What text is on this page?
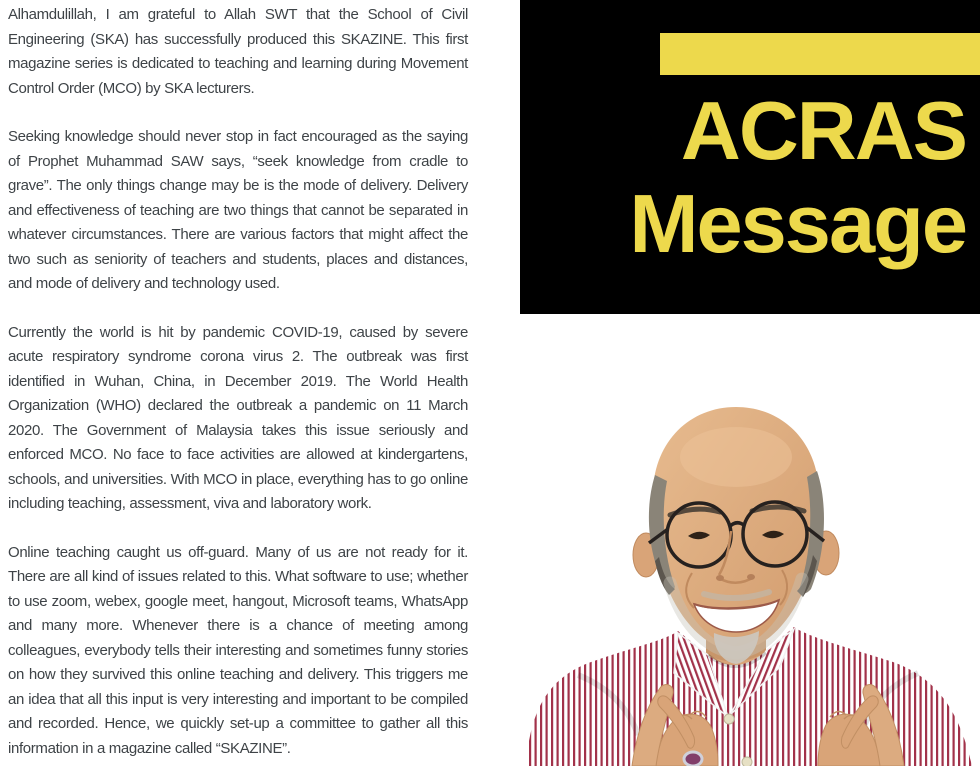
Alhamdulillah, I am grateful to Allah SWT that the School of Civil Engineering (SKA) has successfully produced this SKAZINE. This first magazine series is dedicated to teaching and learning during Movement Control Order (MCO) by SKA lecturers.

Seeking knowledge should never stop in fact encouraged as the saying of Prophet Muhammad SAW says, “seek knowledge from cradle to grave”. The only things change may be is the mode of delivery. Delivery and effectiveness of teaching are two things that cannot be separated in whatever circumstances. There are various factors that might affect the two such as seniority of teachers and students, places and distances, and mode of delivery and technology used.

Currently the world is hit by pandemic COVID-19, caused by severe acute respiratory syndrome corona virus 2. The outbreak was first identified in Wuhan, China, in December 2019. The World Health Organization (WHO) declared the outbreak a pandemic on 11 March 2020. The Government of Malaysia takes this issue seriously and enforced MCO. No face to face activities are allowed at kindergartens, schools, and universities. With MCO in place, everything has to go online including teaching, assessment, viva and laboratory work.

Online teaching caught us off-guard. Many of us are not ready for it. There are all kind of issues related to this. What software to use; whether to use zoom, webex, google meet, hangout, Microsoft teams, WhatsApp and many more. Whenever there is a chance of meeting among colleagues, everybody tells their interesting and sometimes funny stories on how they survived this online teaching and delivery. This triggers me an idea that all this input is very interesting and important to be compiled and recorded. Hence, we quickly set-up a committee to gather all this information in a magazine called “SKAZINE”.

ACRAS
Message
